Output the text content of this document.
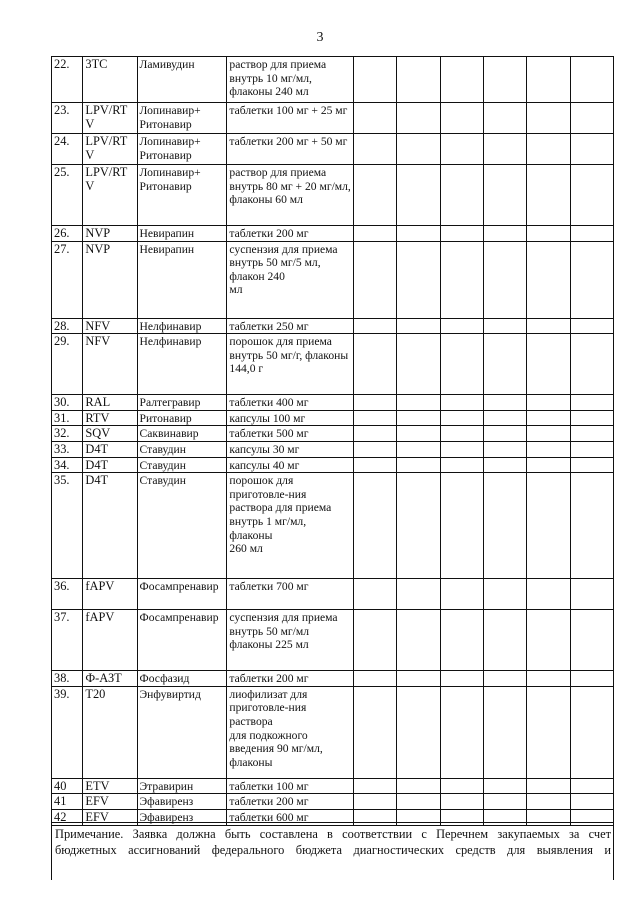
3
22.	3TC	Ламивудин	раствор для приема внутрь 10 мг/мл, флаконы 240 мл						
23.	LPV/RTV	Лопинавир+ Ритонавир	таблетки 100 мг + 25 мг						
24.	LPV/RTV	Лопинавир+ Ритонавир	таблетки 200 мг + 50 мг						
25.	LPV/RTV	Лопинавир+ Ритонавир	раствор для приема внутрь 80 мг + 20 мг/мл, флаконы 60 мл						
26.	NVP	Невирапин	таблетки 200 мг						
27.	NVP	Невирапин	суспензия для приема внутрь 50 мг/5 мл, флакон 240
мл						
28.	NFV	Нелфинавир	таблетки 250 мг						
29.	NFV	Нелфинавир	порошок для приема
внутрь 50 мг/г, флаконы 144,0 г						
30.	RAL	Ралтегравир	таблетки 400 мг						
31.	RTV	Ритонавир	капсулы 100 мг						
32.	SQV	Саквинавир	таблетки 500 мг						
33.	D4T	Ставудин	капсулы 30 мг						
34.	D4T	Ставудин	капсулы 40 мг						
35.	D4T	Ставудин	порошок для приготовле-ния раствора для приема
внутрь 1 мг/мл, флаконы
260 мл						
36.	fAPV	Фосампренавир	таблетки 700 мг						
37.	fAPV	Фосампренавир	суспензия для приема внутрь 50 мг/мл флаконы 225 мл						
38.	Ф-АЗТ	Фосфазид	таблетки 200 мг						
39.	Т20	Энфувиртид	лиофилизат для приготовле-ния раствора
для подкожного введения 90 мг/мл, флаконы						
40	ETV	Этравирин	таблетки 100 мг						
41	EFV	Эфавиренз	таблетки 200 мг						
42	EFV	Эфавиренз	таблетки 600 мг						
Примечание. Заявка должна быть составлена в соответствии с Перечнем закупаемых за счет
бюджетных ассигнований федерального бюджета диагностических средств для выявления и
